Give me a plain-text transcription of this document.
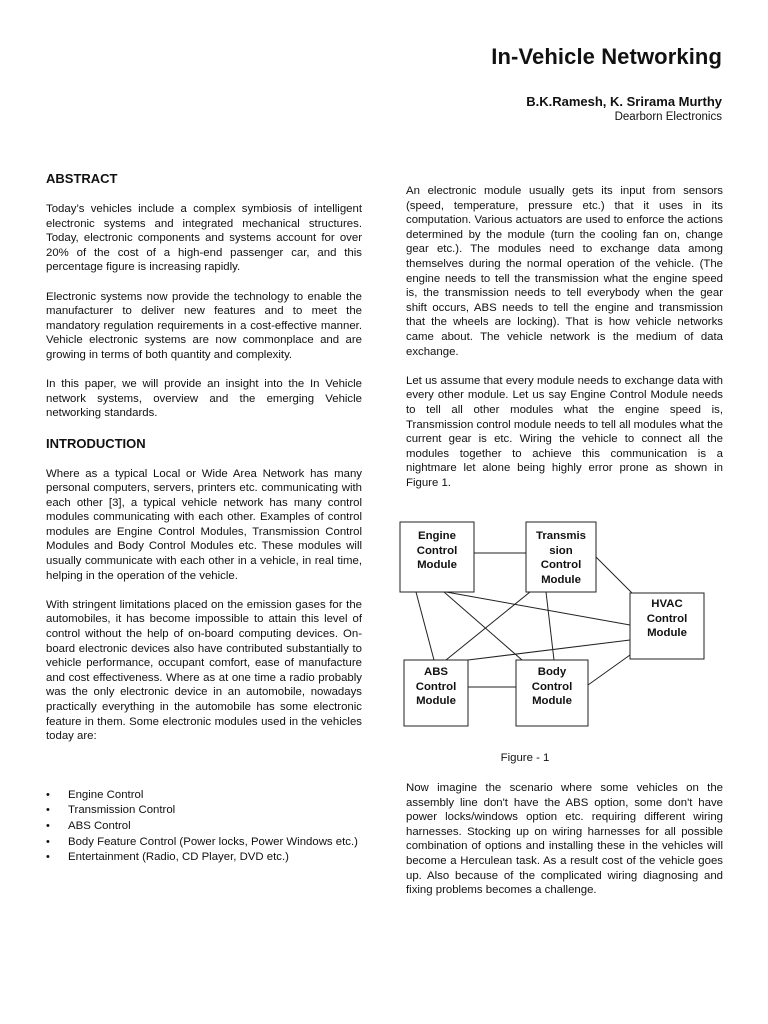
In-Vehicle Networking
B.K.Ramesh, K. Srirama Murthy
Dearborn Electronics
ABSTRACT

Today’s vehicles include a complex symbiosis of intelligent electronic systems and integrated mechanical structures. Today, electronic components and systems account for over 20% of the cost of a high-end passenger car, and this percentage figure is increasing rapidly.

Electronic systems now provide the technology to enable the manufacturer to deliver new features and to meet the mandatory regulation requirements in a cost-effective manner. Vehicle electronic systems are now commonplace and are growing in terms of both quantity and complexity.

In this paper, we will provide an insight into the In Vehicle network systems, overview and the emerging Vehicle networking standards.

INTRODUCTION

Where as a typical Local or Wide Area Network has many personal computers, servers, printers etc. communicating with each other [3], a typical vehicle network has many control modules communicating with each other. Examples of control modules are Engine Control Modules, Transmission Control Modules and Body Control Modules etc. These modules will usually communicate with each other in a vehicle, in real time, helping in the operation of the vehicle.

With stringent limitations placed on the emission gases for the automobiles, it has become impossible to attain this level of control without the help of on-board computing devices. On-board electronic devices also have contributed substantially to vehicle performance, occupant comfort, ease of manufacture and cost effectiveness. Where as at one time a radio probably was the only electronic device in an automobile, nowadays practically everything in the automobile has some electronic feature in them. Some electronic modules used in the vehicles today are:

• Engine Control
• Transmission Control
• ABS Control
• Body Feature Control (Power locks, Power Windows etc.)
• Entertainment (Radio, CD Player, DVD etc.)

An electronic module usually gets its input from sensors (speed, temperature, pressure etc.) that it uses in its computation. Various actuators are used to enforce the actions determined by the module (turn the cooling fan on, change gear etc.). The modules need to exchange data among themselves during the normal operation of the vehicle. (The engine needs to tell the transmission what the engine speed is, the transmission needs to tell everybody when the gear shift occurs, ABS needs to tell the engine and transmission that the wheels are locking). That is how vehicle networks came about. The vehicle network is the medium of data exchange.

Let us assume that every module needs to exchange data with every other module. Let us say Engine Control Module needs to tell all other modules what the engine speed is, Transmission control module needs to tell all modules what the current gear is etc. Wiring the vehicle to connect all the modules together to achieve this communication is a nightmare let alone being highly error prone as shown in Figure 1.

Engine
Control
Module
Transmis
sion
Control
Module
HVAC
Control
Module
ABS
Control
Module
Body
Control
Module
Figure - 1

Now imagine the scenario where some vehicles on the assembly line don't have the ABS option, some don't have power locks/windows option etc. requiring different wiring harnesses. Stocking up on wiring harnesses for all possible combination of options and installing these in the vehicles will become a Herculean task. As a result cost of the vehicle goes up. Also because of the complicated wiring diagnosing and fixing problems becomes a challenge.
